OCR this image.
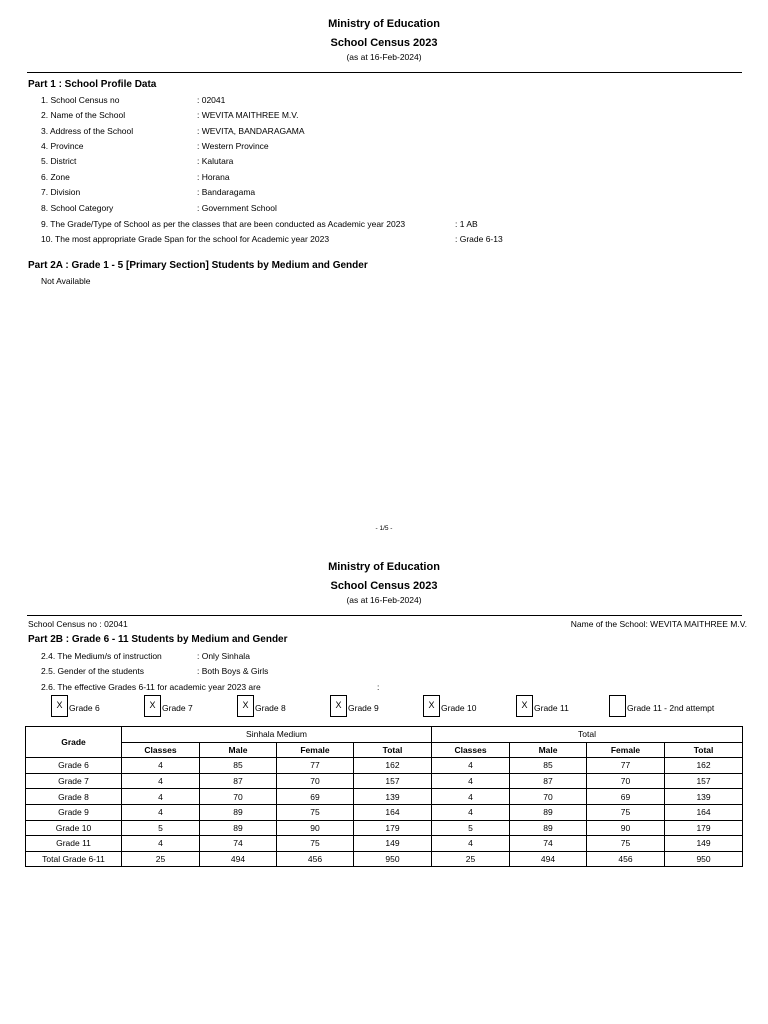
Ministry of Education
School Census 2023
(as at 16-Feb-2024)
Part 1 : School Profile Data
1. School Census no	: 02041
2. Name of the School	: WEVITA MAITHREE M.V.
3. Address of the School	: WEVITA, BANDARAGAMA
4. Province	: Western Province
5. District	: Kalutara
6. Zone	: Horana
7. Division	: Bandaragama
8. School Category	: Government School
9. The Grade/Type of School as per the classes that are been conducted as Academic year 2023	: 1 AB
10. The most appropriate Grade Span for the school for Academic year 2023	: Grade 6-13
Part 2A : Grade 1 - 5 [Primary Section] Students by Medium and Gender
Not Available
- 1/5 -
Ministry of Education
School Census 2023
(as at 16-Feb-2024)
School Census no : 02041	Name of the School: WEVITA MAITHREE M.V.
Part 2B : Grade 6 - 11 Students by Medium and Gender
2.4. The Medium/s of instruction	: Only Sinhala
2.5. Gender of the students	: Both Boys & Girls
2.6. The effective Grades 6-11 for academic year 2023 are	:
X Grade 6	X Grade 7	X Grade 8	X Grade 9	X Grade 10	X Grade 11	Grade 11 - 2nd attempt
Grade	Sinhala Medium				Total			
	Classes	Male	Female	Total	Classes	Male	Female	Total
Grade 6	4	85	77	162	4	85	77	162
Grade 7	4	87	70	157	4	87	70	157
Grade 8	4	70	69	139	4	70	69	139
Grade 9	4	89	75	164	4	89	75	164
Grade 10	5	89	90	179	5	89	90	179
Grade 11	4	74	75	149	4	74	75	149
Total Grade 6-11	25	494	456	950	25	494	456	950
